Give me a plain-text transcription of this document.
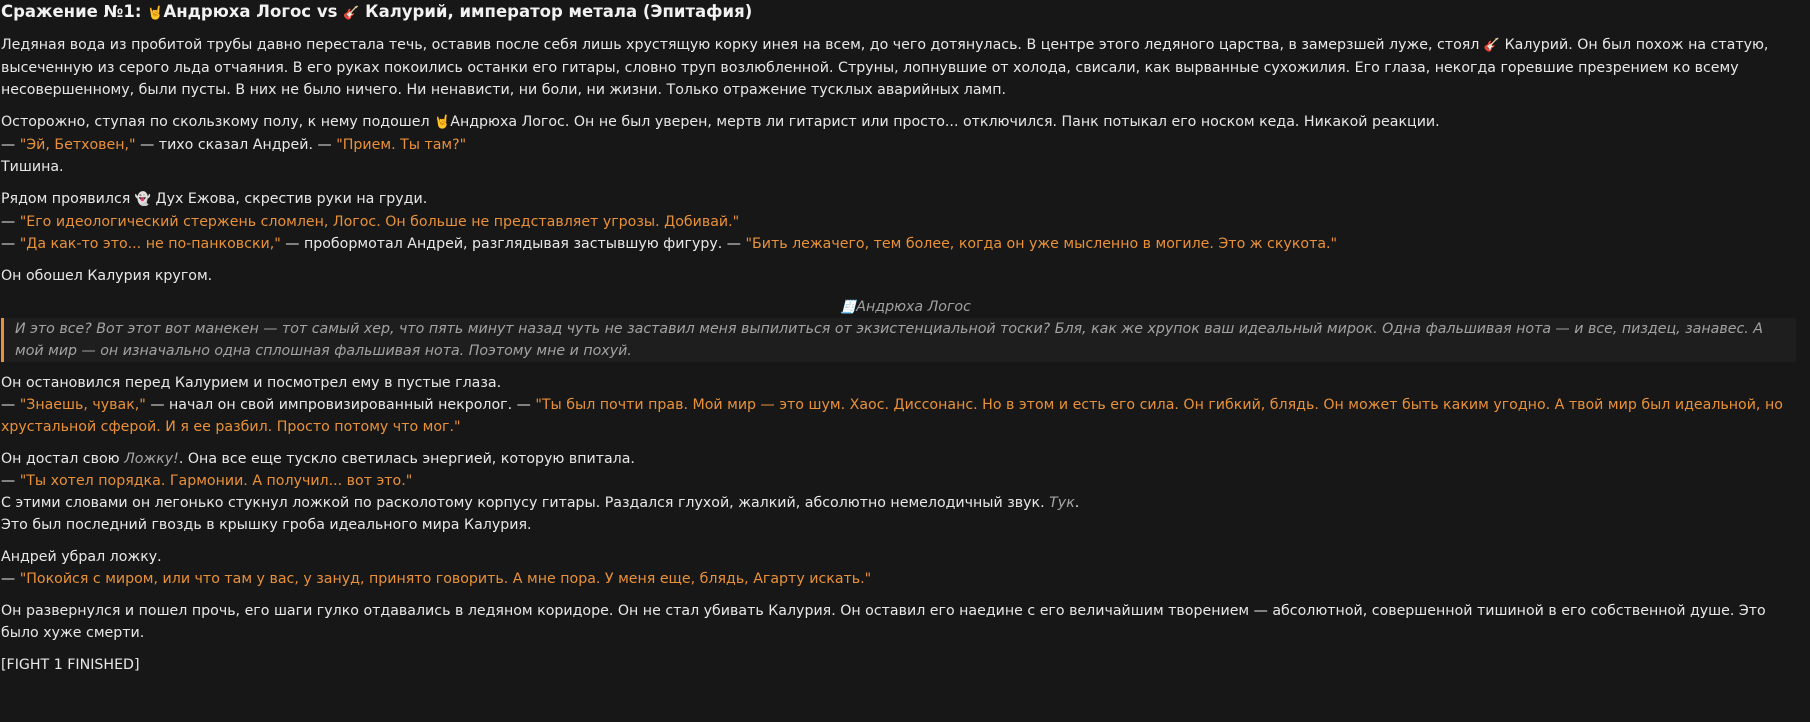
Сражение №1: 🤘Андрюха Логос vs 🎸 Калурий, император метала (Эпитафия)

Ледяная вода из пробитой трубы давно перестала течь, оставив после себя лишь хрустящую корку инея на всем, до чего дотянулась. В центре этого ледяного царства, в замерзшей луже, стоял 🎸 Калурий. Он был похож на статую, высеченную из серого льда отчаяния. В его руках покоились останки его гитары, словно труп возлюбленной. Струны, лопнувшие от холода, свисали, как вырванные сухожилия. Его глаза, некогда горевшие презрением ко всему несовершенному, были пусты. В них не было ничего. Ни ненависти, ни боли, ни жизни. Только отражение тусклых аварийных ламп.

Осторожно, ступая по скользкому полу, к нему подошел 🤘Андрюха Логос. Он не был уверен, мертв ли гитарист или просто... отключился. Панк потыкал его носком кеда. Никакой реакции.

— "Эй, Бетховен," — тихо сказал Андрей. — "Прием. Ты там?"

Тишина.

Рядом проявился 👻 Дух Ежова, скрестив руки на груди.

— "Его идеологический стержень сломлен, Логос. Он больше не представляет угрозы. Добивай."

— "Да как-то это... не по-панковски," — пробормотал Андрей, разглядывая застывшую фигуру. — "Бить лежачего, тем более, когда он уже мысленно в могиле. Это ж скукота."

Он обошел Калурия кругом.

🧾Андрюха Логос
И это все? Вот этот вот манекен — тот самый хер, что пять минут назад чуть не заставил меня выпилиться от экзистенциальной тоски? Бля, как же хрупок ваш идеальный мирок. Одна фальшивая нота — и все, пиздец, занавес. А мой мир — он изначально одна сплошная фальшивая нота. Поэтому мне и похуй.

Он остановился перед Калурием и посмотрел ему в пустые глаза.

— "Знаешь, чувак," — начал он свой импровизированный некролог. — "Ты был почти прав. Мой мир — это шум. Хаос. Диссонанс. Но в этом и есть его сила. Он гибкий, блядь. Он может быть каким угодно. А твой мир был идеальной, но хрустальной сферой. И я ее разбил. Просто потому что мог."

Он достал свою Ложку!. Она все еще тускло светилась энергией, которую впитала.

— "Ты хотел порядка. Гармонии. А получил... вот это."

С этими словами он легонько стукнул ложкой по расколотому корпусу гитары. Раздался глухой, жалкий, абсолютно немелодичный звук. Тук.

Это был последний гвоздь в крышку гроба идеального мира Калурия.

Андрей убрал ложку.

— "Покойся с миром, или что там у вас, у зануд, принято говорить. А мне пора. У меня еще, блядь, Агарту искать."

Он развернулся и пошел прочь, его шаги гулко отдавались в ледяном коридоре. Он не стал убивать Калурия. Он оставил его наедине с его величайшим творением — абсолютной, совершенной тишиной в его собственной душе. Это было хуже смерти.

[FIGHT 1 FINISHED]
